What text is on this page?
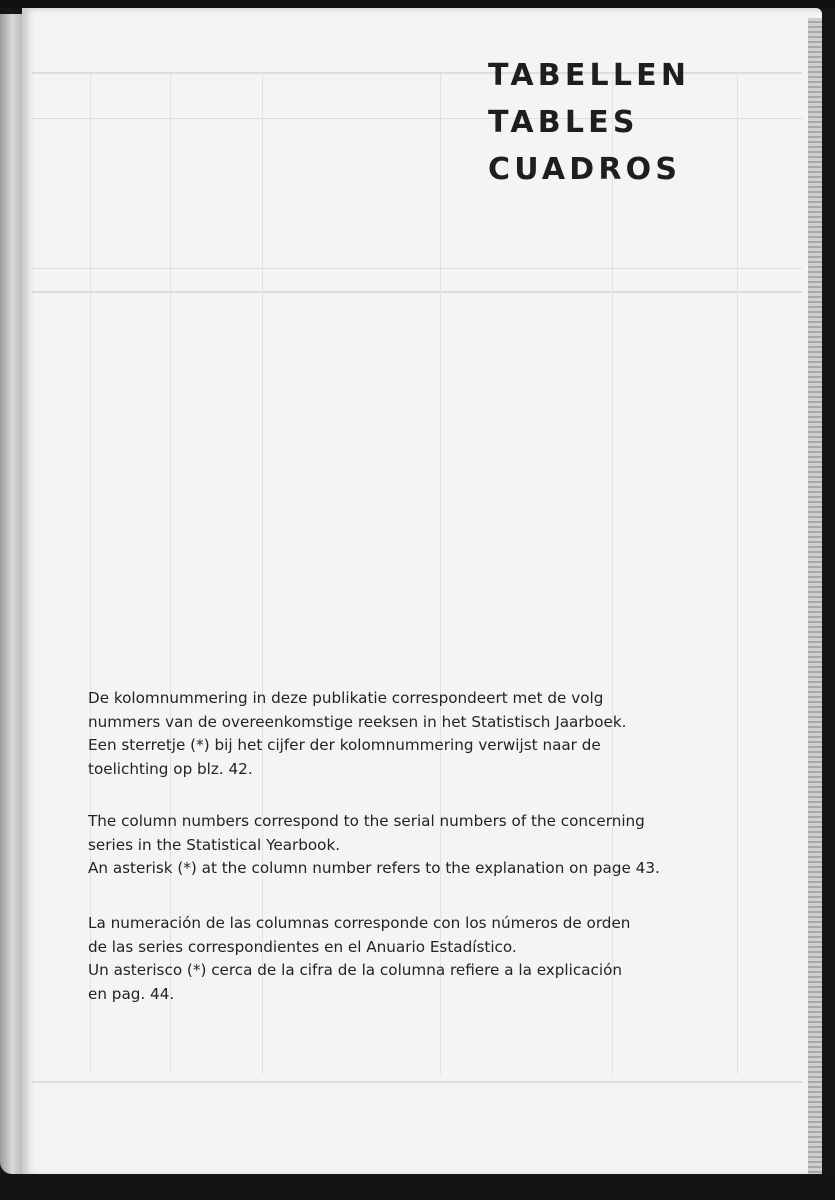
TABELLEN
TABLES
CUADROS
De kolomnummering in deze publikatie correspondeert met de volg
nummers van de overeenkomstige reeksen in het Statistisch Jaarboek.
Een sterretje (*) bij het cijfer der kolomnummering verwijst naar de
toelichting op blz. 42.
The column numbers correspond to the serial numbers of the concerning
series in the Statistical Yearbook.
An asterisk (*) at the column number refers to the explanation on page 43.
La numeración de las columnas corresponde con los números de orden
de las series correspondientes en el Anuario Estadístico.
Un asterisco (*) cerca de la cifra de la columna refiere a la explicación
en pag. 44.
